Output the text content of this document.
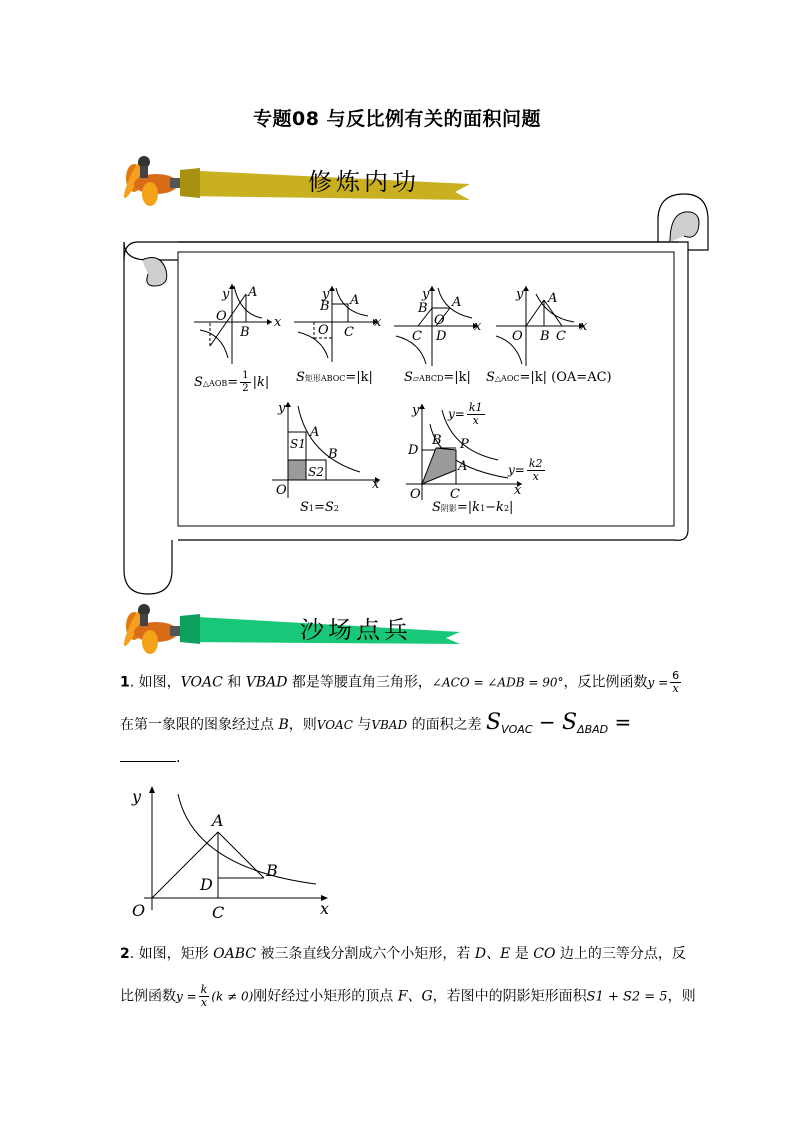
专题08 与反比例有关的面积问题
修炼内功
y A
O
B
x
S△AOB= $\frac{1}{2} |k|$
y
B A
O C
x
S矩形ABOC=|k|
y
B A
O
C D
x
S▱ABCD=|k|
y A
O B C
x
S△AOC=|k| (OA=AC)
y
S1
A
B
S2
O	x
S1=S2
y
D
B P
A
O C	x
$y= \frac{k1}{x}$
$y= \frac{k2}{x}$
S阴影=|k1−k2|
沙场点兵
1. 如图，VOAC 和 VBAD 都是等腰直角三角形，∠ACO = ∠ADB = 90°，反比例函数$y = \frac{6}{x}$
在第一象限的图象经过点 B，则VOAC 与VBAD 的面积之差 $S_{VOAC} - S_{\Delta BAD}$ =
.
y
A
B
D
O	C	x
2. 如图，矩形 OABC 被三条直线分割成六个小矩形，若 D、E 是 CO 边上的三等分点，反
比例函数$y = \frac{k}{x} (k \ne 0)$刚好经过小矩形的顶点 F、G，若图中的阴影矩形面积S1 + S2 = 5，则
